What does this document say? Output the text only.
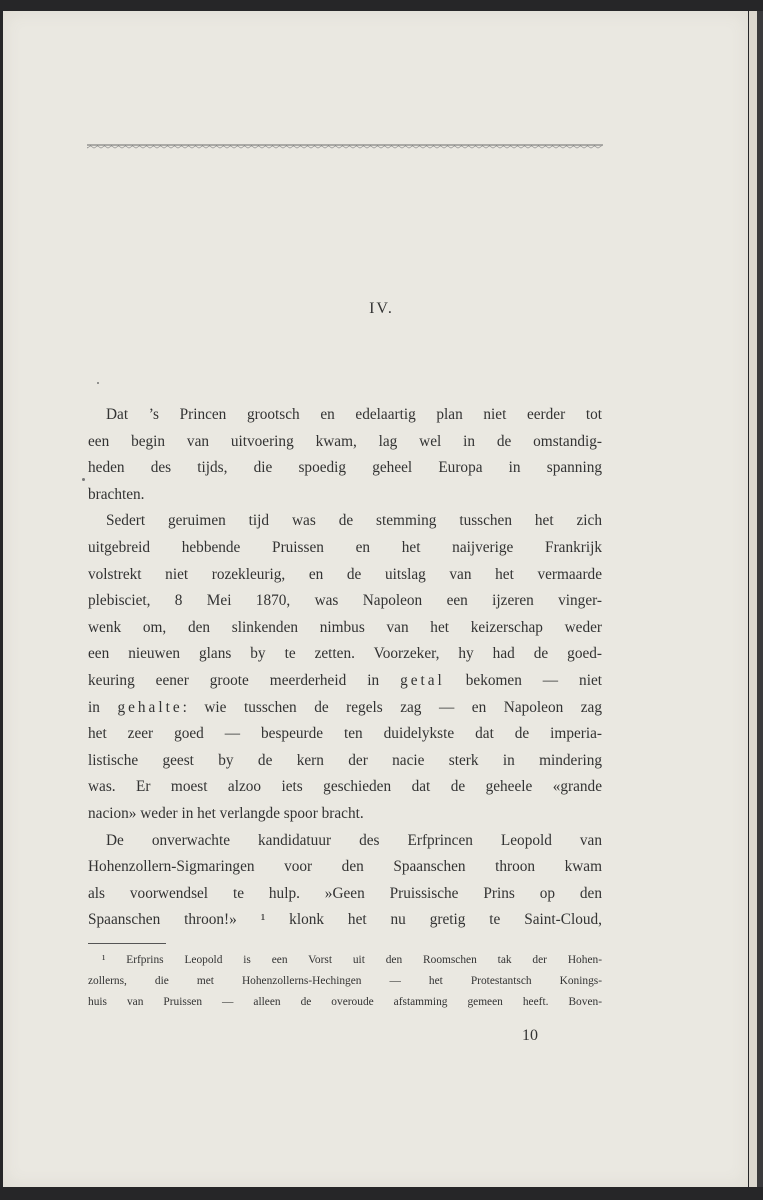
IV.
Dat ’s Princen grootsch en edelaartig plan niet eerder tot
een begin van uitvoering kwam, lag wel in de omstandig-
heden des tijds, die spoedig geheel Europa in spanning
brachten.
Sedert geruimen tijd was de stemming tusschen het zich
uitgebreid hebbende Pruissen en het naijverige Frankrijk
volstrekt niet rozekleurig, en de uitslag van het vermaarde
plebisciet, 8 Mei 1870, was Napoleon een ijzeren vinger-
wenk om, den slinkenden nimbus van het keizerschap weder
een nieuwen glans by te zetten. Voorzeker, hy had de goed-
keuring eener groote meerderheid in getal bekomen — niet
in gehalte: wie tusschen de regels zag — en Napoleon zag
het zeer goed — bespeurde ten duidelykste dat de imperia-
listische geest by de kern der nacie sterk in mindering
was. Er moest alzoo iets geschieden dat de geheele «grande
nacion» weder in het verlangde spoor bracht.
De onverwachte kandidatuur des Erfprincen Leopold van
Hohenzollern-Sigmaringen voor den Spaanschen throon kwam
als voorwendsel te hulp. »Geen Pruissische Prins op den
Spaanschen throon!» ¹ klonk het nu gretig te Saint-Cloud,
¹ Erfprins Leopold is een Vorst uit den Roomschen tak der Hohen-
zollerns, die met Hohenzollerns-Hechingen — het Protestantsch Konings-
huis van Pruissen — alleen de overoude afstamming gemeen heeft. Boven-
10
